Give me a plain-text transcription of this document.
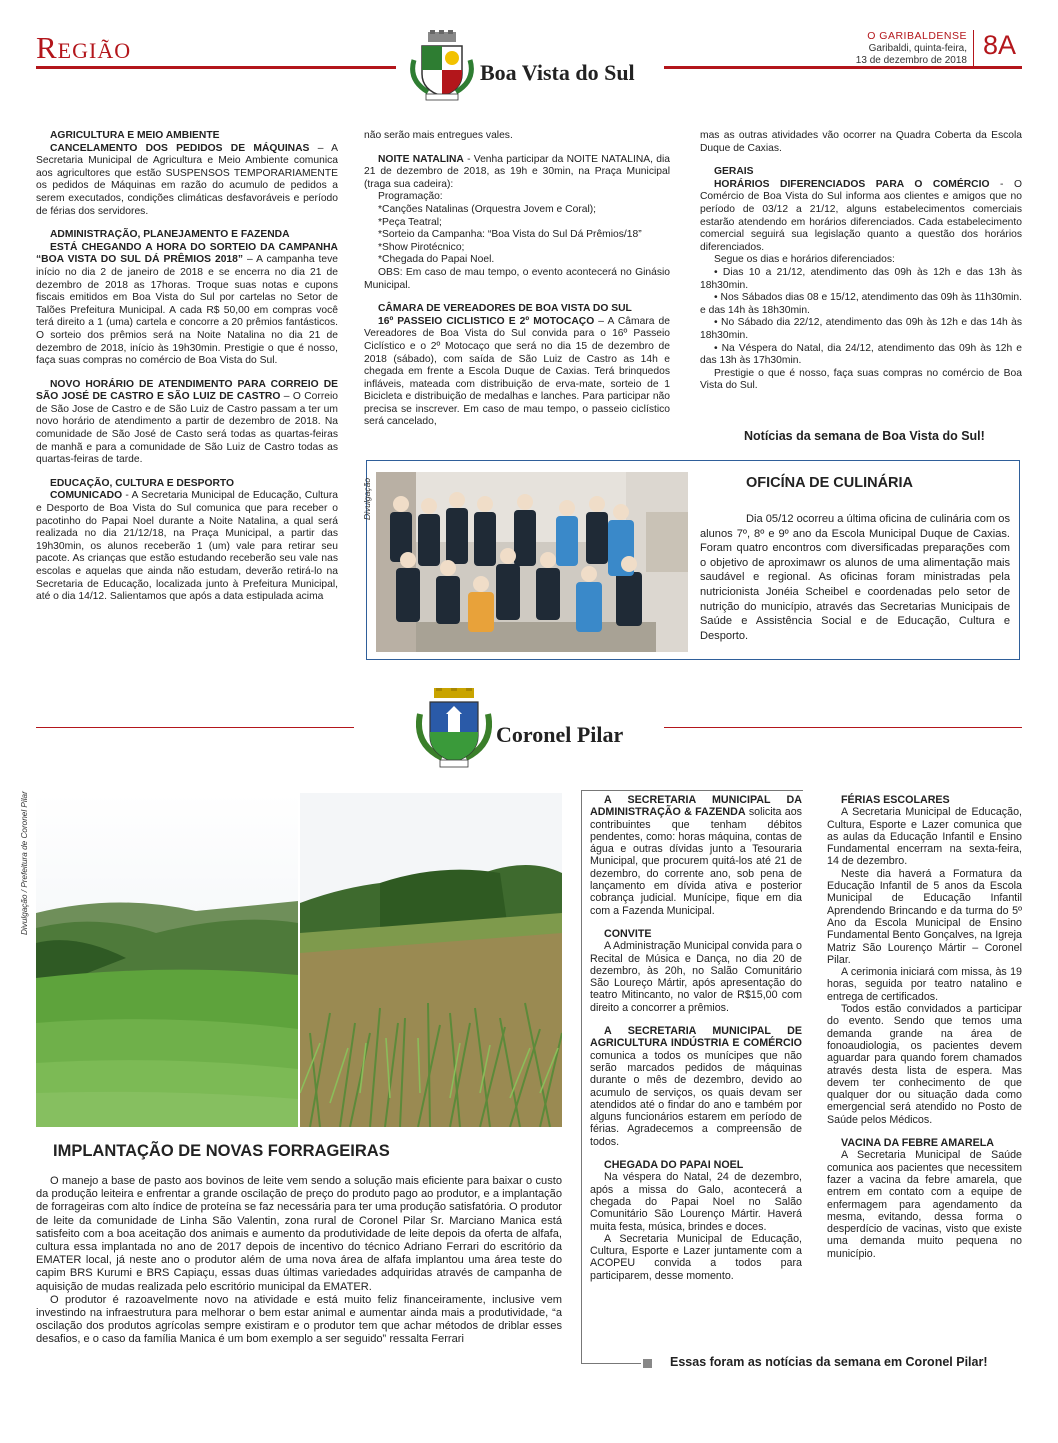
Região	O GARIBALDENSE
Garibaldi, quinta-feira,
13 de dezembro de 2018
8A
Boa Vista do Sul

AGRICULTURA E MEIO AMBIENTE

CANCELAMENTO DOS PEDIDOS DE MÁQUINAS – A Secretaria Municipal de Agricultura e Meio Ambiente comunica aos agricultores que estão SUSPENSOS TEMPORARIAMENTE os pedidos de Máquinas em razão do acumulo de pedidos a serem executados, condições climáticas desfavoráveis e período de férias dos servidores.

ADMINISTRAÇÃO, PLANEJAMENTO E FAZENDA

ESTÁ CHEGANDO A HORA DO SORTEIO DA CAMPANHA “BOA VISTA DO SUL DÁ PRÊMIOS 2018” – A campanha teve início no dia 2 de janeiro de 2018 e se encerra no dia 21 de dezembro de 2018 as 17horas. Troque suas notas e cupons fiscais emitidos em Boa Vista do Sul por cartelas no Setor de Talões Prefeitura Municipal. A cada R$ 50,00 em compras você terá direito a 1 (uma) cartela e concorre a 20 prêmios fantásticos. O sorteio dos prêmios será na Noite Natalina no dia 21 de dezembro de 2018, início às 19h30min. Prestigie o que é nosso, faça suas compras no comércio de Boa Vista do Sul.

NOVO HORÁRIO DE ATENDIMENTO PARA CORREIO DE SÃO JOSÉ DE CASTRO E SÃO LUIZ DE CASTRO – O Correio de São Jose de Castro e de São Luiz de Castro passam a ter um novo horário de atendimento a partir de dezembro de 2018. Na comunidade de São José de Casto será todas as quartas-feiras de manhã e para a comunidade de São Luiz de Castro todas as quartas-feiras de tarde.

EDUCAÇÃO, CULTURA E DESPORTO

COMUNICADO - A Secretaria Municipal de Educação, Cultura e Desporto de Boa Vista do Sul comunica que para receber o pacotinho do Papai Noel durante a Noite Natalina, a qual será realizada no dia 21/12/18, na Praça Municipal, a partir das 19h30min, os alunos receberão 1 (um) vale para retirar seu pacote. As crianças que estão estudando receberão seu vale nas escolas e aquelas que ainda não estudam, deverão retirá-lo na Secretaria de Educação, localizada junto à Prefeitura Municipal, até o dia 14/12. Salientamos que após a data estipulada acima

não serão mais entregues vales.

NOITE NATALINA - Venha participar da NOITE NATALINA, dia 21 de dezembro de 2018, as 19h e 30min, na Praça Municipal (traga sua cadeira):

Programação:

*Canções Natalinas (Orquestra Jovem e Coral);

*Peça Teatral;

*Sorteio da Campanha: “Boa Vista do Sul Dá Prêmios/18”

*Show Pirotécnico;

*Chegada do Papai Noel.

OBS: Em caso de mau tempo, o evento acontecerá no Ginásio Municipal.

CÂMARA DE VEREADORES DE BOA VISTA DO SUL

16º PASSEIO CICLISTICO E 2º MOTOCAÇO – A Câmara de Vereadores de Boa Vista do Sul convida para o 16º Passeio Ciclístico e o 2º Motocaço que será no dia 15 de dezembro de 2018 (sábado), com saída de São Luiz de Castro as 14h e chegada em frente a Escola Duque de Caxias. Terá brinquedos infláveis, mateada com distribuição de erva-mate, sorteio de 1 Bicicleta e distribuição de medalhas e lanches. Para participar não precisa se inscrever. Em caso de mau tempo, o passeio ciclístico será cancelado,

mas as outras atividades vão ocorrer na Quadra Coberta da Escola Duque de Caxias.

GERAIS

HORÁRIOS DIFERENCIADOS PARA O COMÉRCIO - O Comércio de Boa Vista do Sul informa aos clientes e amigos que no período de 03/12 a 21/12, alguns estabelecimentos comerciais estarão atendendo em horários diferenciados. Cada estabelecimento comercial seguirá sua legislação quanto a questão dos horários diferenciados.

Segue os dias e horários diferenciados:

• Dias 10 a 21/12, atendimento das 09h às 12h e das 13h às 18h30min.

• Nos Sábados dias 08 e 15/12, atendimento das 09h às 11h30min. e das 14h às 18h30min.

• No Sábado dia 22/12, atendimento das 09h às 12h e das 14h às 18h30min.

• Na Véspera do Natal, dia 24/12, atendimento das 09h às 12h e das 13h às 17h30min.

Prestigie o que é nosso, faça suas compras no comércio de Boa Vista do Sul.

Notícias da semana de Boa Vista do Sul!
Divulgação	OFICÍNA DE CULINÁRIA
Dia 05/12 ocorreu a última oficina de culinária com os alunos 7º, 8º e 9º ano da Escola Municipal Duque de Caxias. Foram quatro encontros com diversificadas preparações com o objetivo de aproximawr os alunos de uma alimentação mais saudável e regional. As oficinas foram ministradas pela nutricionista Jonéia Scheibel e coordenadas pelo setor de nutrição do município, através das Secretarias Municipais de Saúde e Assistência Social e de Educação, Cultura e Desporto.
Coronel Pilar
Divulgação / Prefeitura de Coronel Pilar
IMPLANTAÇÃO DE NOVAS FORRAGEIRAS

O manejo a base de pasto aos bovinos de leite vem sendo a solução mais eficiente para baixar o custo da produção leiteira e enfrentar a grande oscilação de preço do produto pago ao produtor, e a implantação de forrageiras com alto índice de proteína se faz necessária para ter uma produção satisfatória. O produtor de leite da comunidade de Linha São Valentin, zona rural de Coronel Pilar Sr. Marciano Manica está satisfeito com a boa aceitação dos animais e aumento da produtividade de leite depois da oferta de alfafa, cultura essa implantada no ano de 2017 depois de incentivo do técnico Adriano Ferrari do escritório da EMATER local, já neste ano o produtor além de uma nova área de alfafa implantou uma área teste do capim BRS Kurumi e BRS Capiaçu, essas duas últimas variedades adquiridas através de campanha de aquisição de mudas realizada pelo escritório municipal da EMATER.

O produtor é razoavelmente novo na atividade e está muito feliz financeiramente, inclusive vem investindo na infraestrutura para melhorar o bem estar animal e aumentar ainda mais a produtividade, “a oscilação dos produtos agrícolas sempre existiram e o produtor tem que achar métodos de driblar esses desafios, e o caso da família Manica é um bom exemplo a ser seguido” ressalta Ferrari

A SECRETARIA MUNICIPAL DA ADMINISTRAÇÃO & FAZENDA solicita aos contribuintes que tenham débitos pendentes, como: horas máquina, contas de água e outras dívidas junto a Tesouraria Municipal, que procurem quitá-los até 21 de dezembro, do corrente ano, sob pena de lançamento em dívida ativa e posterior cobrança judicial. Munícipe, fique em dia com a Fazenda Municipal.

CONVITE

A Administração Municipal convida para o Recital de Música e Dança, no dia 20 de dezembro, às 20h, no Salão Comunitário São Loureço Mártir, após apresentação do teatro Mitincanto, no valor de R$15,00 com direito a concorrer a prêmios.

A SECRETARIA MUNICIPAL DE AGRICULTURA INDÚSTRIA E COMÉRCIO comunica a todos os munícipes que não serão marcados pedidos de máquinas durante o mês de dezembro, devido ao acumulo de serviços, os quais devam ser atendidos até o findar do ano e também por alguns funcionários estarem em período de férias. Agradecemos a compreensão de todos.

CHEGADA DO PAPAI NOEL

Na véspera do Natal, 24 de dezembro, após a missa do Galo, acontecerá a chegada do Papai Noel no Salão Comunitário São Lourenço Mártir. Haverá muita festa, música, brindes e doces.

A Secretaria Municipal de Educação, Cultura, Esporte e Lazer juntamente com a ACOPEU convida a todos para participarem, desse momento.

FÉRIAS ESCOLARES

A Secretaria Municipal de Educação, Cultura, Esporte e Lazer comunica que as aulas da Educação Infantil e Ensino Fundamental encerram na sexta-feira, 14 de dezembro.

Neste dia haverá a Formatura da Educação Infantil de 5 anos da Escola Municipal de Educação Infantil Aprendendo Brincando e da turma do 5º Ano da Escola Municipal de Ensino Fundamental Bento Gonçalves, na Igreja Matriz São Lourenço Mártir – Coronel Pilar.

A cerimonia iniciará com missa, às 19 horas, seguida por teatro natalino e entrega de certificados.

Todos estão convidados a participar do evento. Sendo que temos uma demanda grande na área de fonoaudiologia, os pacientes devem aguardar para quando forem chamados através desta lista de espera. Mas devem ter conhecimento de que qualquer dor ou situação dada como emergencial será atendido no Posto de Saúde pelos Médicos.

VACINA DA FEBRE AMARELA

A Secretaria Municipal de Saúde comunica aos pacientes que necessitem fazer a vacina da febre amarela, que entrem em contato com a equipe de enfermagem para agendamento da mesma, evitando, dessa forma o desperdício de vacinas, visto que existe uma demanda muito pequena no município.

Essas foram as notícias da semana em Coronel Pilar!
